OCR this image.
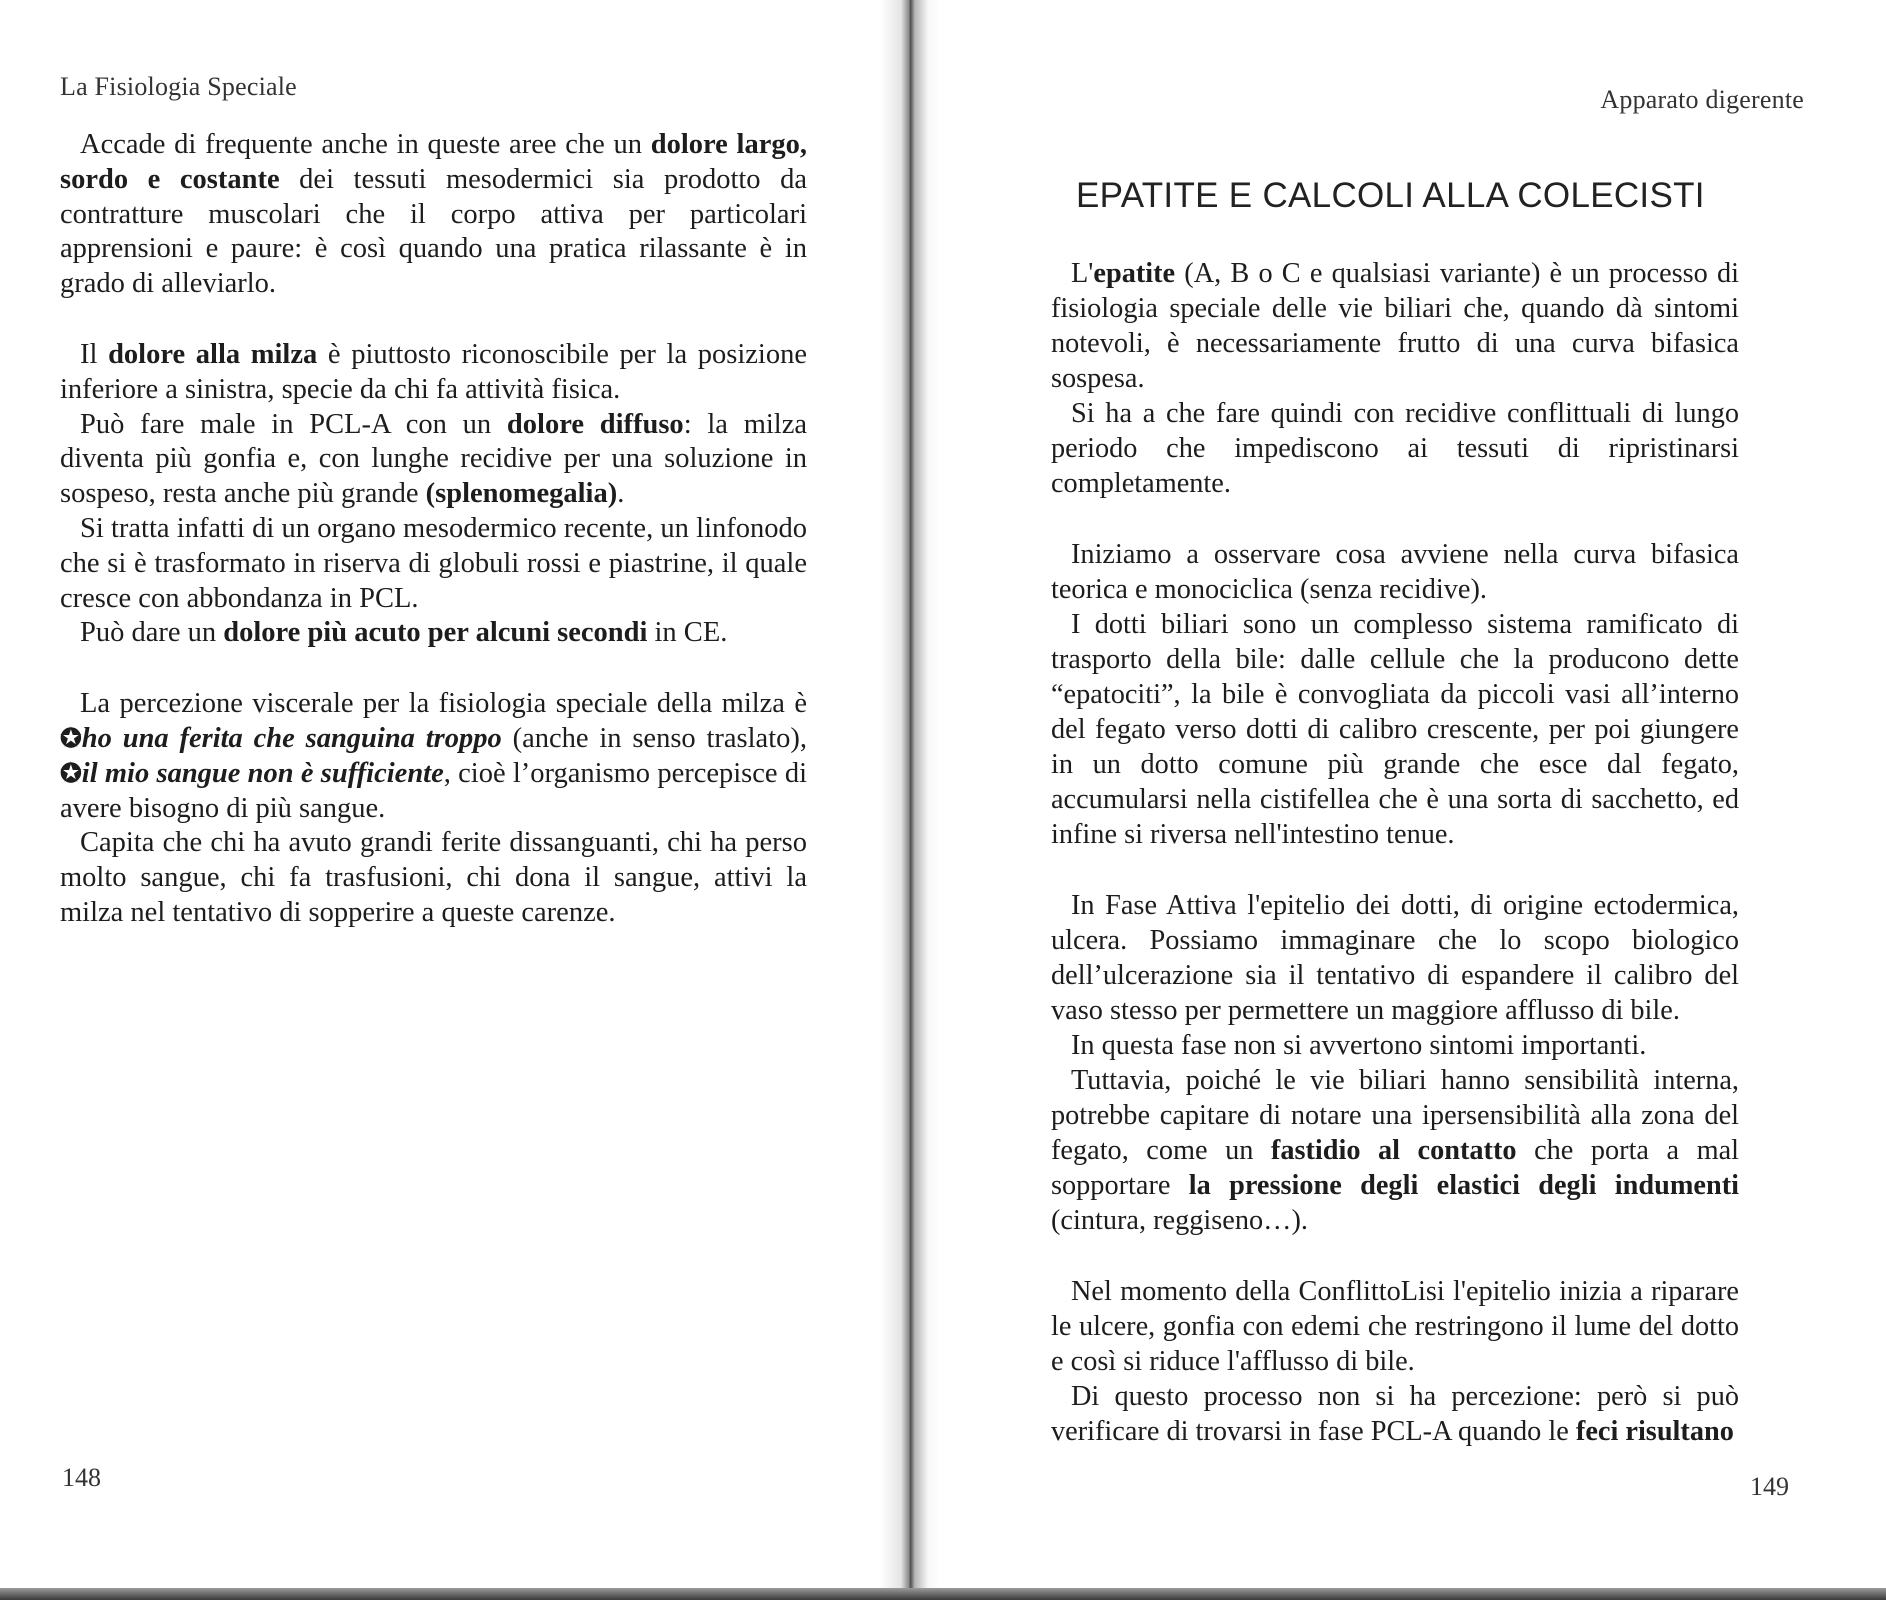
La Fisiologia Speciale

Accade di frequente anche in queste aree che un dolore largo, sordo e costante dei tessuti mesodermici sia prodotto da contratture muscolari che il corpo attiva per particolari apprensioni e paure: è così quando una pratica rilassante è in grado di alleviarlo.

Il dolore alla milza è piuttosto riconoscibile per la posizione inferiore a sinistra, specie da chi fa attività fisica.

Può fare male in PCL-A con un dolore diffuso: la milza diventa più gonfia e, con lunghe recidive per una soluzione in sospeso, resta anche più grande (splenomegalia).

Si tratta infatti di un organo mesodermico recente, un linfonodo che si è trasformato in riserva di globuli rossi e piastrine, il quale cresce con abbondanza in PCL.

Può dare un dolore più acuto per alcuni secondi in CE.

La percezione viscerale per la fisiologia speciale della milza è ✪ho una ferita che sanguina troppo (anche in senso traslato), ✪il mio sangue non è sufficiente, cioè l’organismo percepisce di avere bisogno di più sangue.

Capita che chi ha avuto grandi ferite dissanguanti, chi ha perso molto sangue, chi fa trasfusioni, chi dona il sangue, attivi la milza nel tentativo di sopperire a queste carenze.

148
Apparato digerente
EPATITE E CALCOLI ALLA COLECISTI

L'epatite (A, B o C e qualsiasi variante) è un processo di fisiologia speciale delle vie biliari che, quando dà sintomi notevoli, è necessariamente frutto di una curva bifasica sospesa.

Si ha a che fare quindi con recidive conflittuali di lungo periodo che impediscono ai tessuti di ripristinarsi completamente.

Iniziamo a osservare cosa avviene nella curva bifasica teorica e monociclica (senza recidive).

I dotti biliari sono un complesso sistema ramificato di trasporto della bile: dalle cellule che la producono dette “epatociti”, la bile è convogliata da piccoli vasi all’interno del fegato verso dotti di calibro crescente, per poi giungere in un dotto comune più grande che esce dal fegato, accumularsi nella cistifellea che è una sorta di sacchetto, ed infine si riversa nell'intestino tenue.

In Fase Attiva l'epitelio dei dotti, di origine ectodermica, ulcera. Possiamo immaginare che lo scopo biologico dell’ulcerazione sia il tentativo di espandere il calibro del vaso stesso per permettere un maggiore afflusso di bile.

In questa fase non si avvertono sintomi importanti.

Tuttavia, poiché le vie biliari hanno sensibilità interna, potrebbe capitare di notare una ipersensibilità alla zona del fegato, come un fastidio al contatto che porta a mal sopportare la pressione degli elastici degli indumenti (cintura, reggiseno…).

Nel momento della ConflittoLisi l'epitelio inizia a riparare le ulcere, gonfia con edemi che restringono il lume del dotto e così si riduce l'afflusso di bile.

Di questo processo non si ha percezione: però si può verificare di trovarsi in fase PCL-A quando le feci risultano

149
